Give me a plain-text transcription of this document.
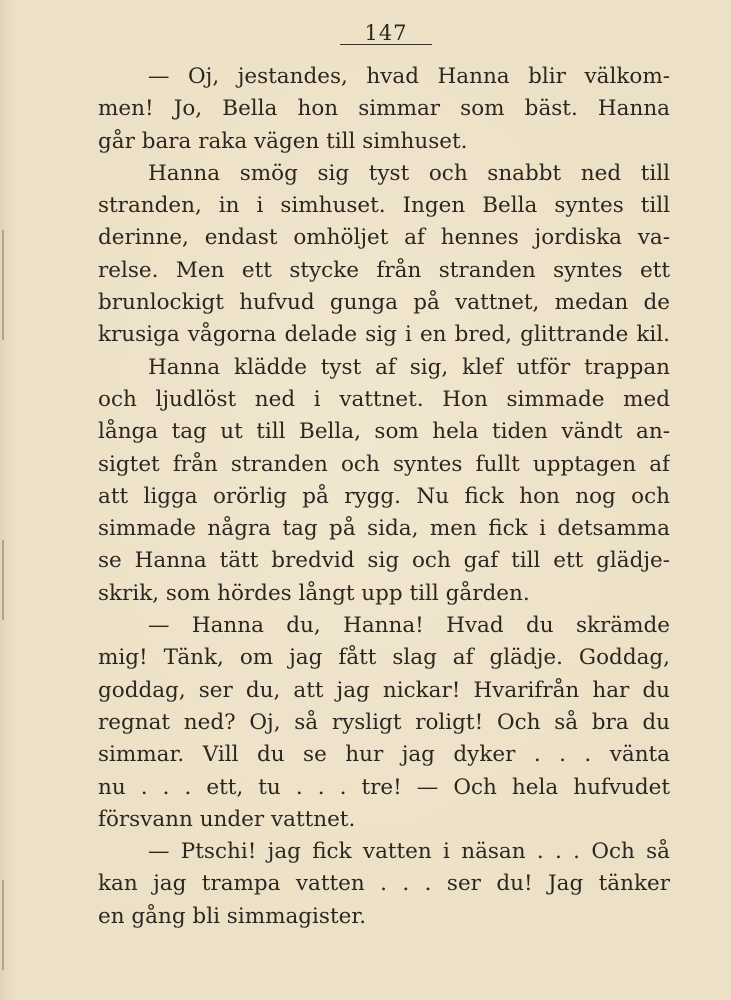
147
— Oj, jestandes, hvad Hanna blir välkom-
men! Jo, Bella hon simmar som bäst. Hanna
går bara raka vägen till simhuset.
Hanna smög sig tyst och snabbt ned till
stranden, in i simhuset. Ingen Bella syntes till
derinne, endast omhöljet af hennes jordiska va-
relse. Men ett stycke från stranden syntes ett
brunlockigt hufvud gunga på vattnet, medan de
krusiga vågorna delade sig i en bred, glittrande kil.
Hanna klädde tyst af sig, klef utför trappan
och ljudlöst ned i vattnet. Hon simmade med
långa tag ut till Bella, som hela tiden vändt an-
sigtet från stranden och syntes fullt upptagen af
att ligga orörlig på rygg. Nu fick hon nog och
simmade några tag på sida, men fick i detsamma
se Hanna tätt bredvid sig och gaf till ett glädje-
skrik, som hördes långt upp till gården.
— Hanna du, Hanna! Hvad du skrämde
mig! Tänk, om jag fått slag af glädje. Goddag,
goddag, ser du, att jag nickar! Hvarifrån har du
regnat ned? Oj, så rysligt roligt! Och så bra du
simmar. Vill du se hur jag dyker . . . vänta
nu . . . ett, tu . . . tre! — Och hela hufvudet
försvann under vattnet.
— Ptschi! jag fick vatten i näsan . . . Och så
kan jag trampa vatten . . . ser du! Jag tänker
en gång bli simmagister.
